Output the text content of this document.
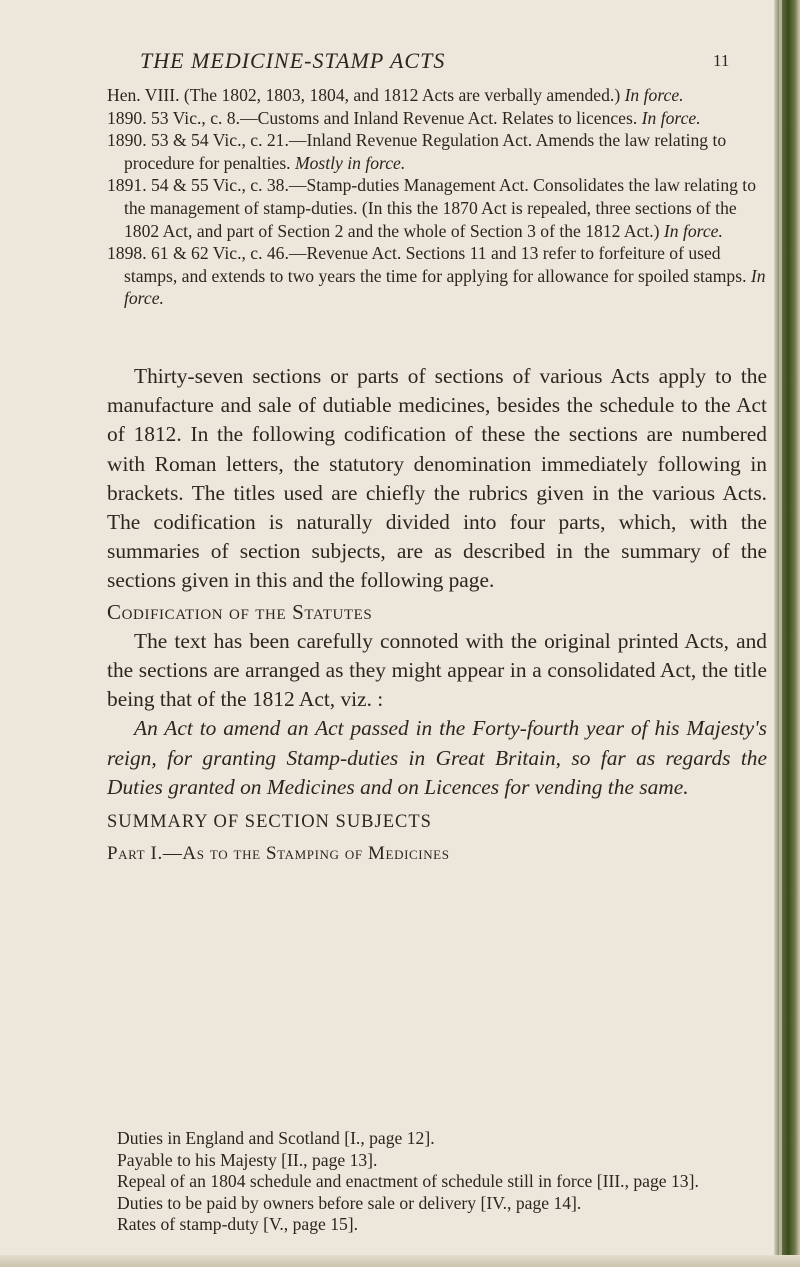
THE MEDICINE-STAMP ACTS	11

Hen. VIII. (The 1802, 1803, 1804, and 1812 Acts are verbally amended.) In force.

1890. 53 Vic., c. 8.—Customs and Inland Revenue Act. Relates to licences. In force.

1890. 53 & 54 Vic., c. 21.—Inland Revenue Regulation Act. Amends the law relating to procedure for penalties. Mostly in force.

1891. 54 & 55 Vic., c. 38.—Stamp-duties Management Act. Consolidates the law relating to the management of stamp-duties. (In this the 1870 Act is repealed, three sections of the 1802 Act, and part of Section 2 and the whole of Section 3 of the 1812 Act.) In force.

1898. 61 & 62 Vic., c. 46.—Revenue Act. Sections 11 and 13 refer to forfeiture of used stamps, and extends to two years the time for applying for allowance for spoiled stamps. In force.

Thirty-seven sections or parts of sections of various Acts apply to the manufacture and sale of dutiable medicines, besides the schedule to the Act of 1812. In the following codification of these the sections are numbered with Roman letters, the statutory denomination immediately following in brackets. The titles used are chiefly the rubrics given in the various Acts. The codification is naturally divided into four parts, which, with the summaries of section subjects, are as described in the summary of the sections given in this and the following page.

Codification of the Statutes

The text has been carefully connoted with the original printed Acts, and the sections are arranged as they might appear in a consolidated Act, the title being that of the 1812 Act, viz. :

An Act to amend an Act passed in the Forty-fourth year of his Majesty's reign, for granting Stamp-duties in Great Britain, so far as regards the Duties granted on Medicines and on Licences for vending the same.

SUMMARY OF SECTION SUBJECTS

Part I.—As to the Stamping of Medicines

Duties in England and Scotland [I., page 12].

Payable to his Majesty [II., page 13].

Repeal of an 1804 schedule and enactment of schedule still in force [III., page 13].

Duties to be paid by owners before sale or delivery [IV., page 14].

Rates of stamp-duty [V., page 15].
